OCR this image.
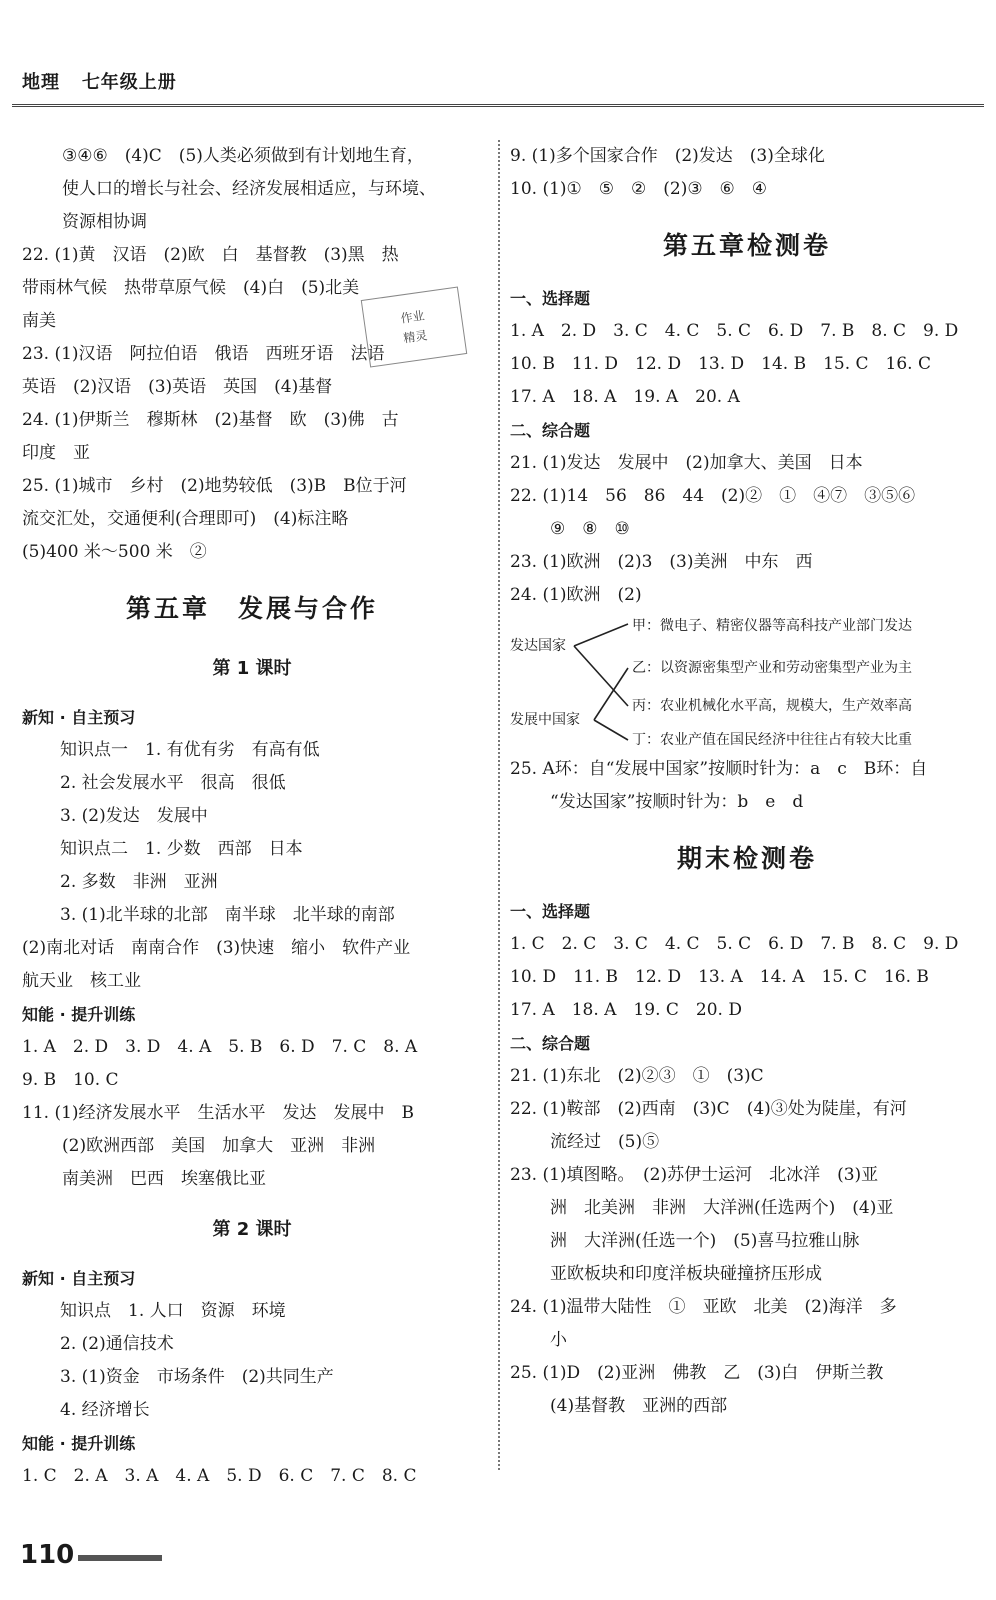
地理 七年级上册
作业
精灵
③④⑥　(4)C　(5)人类必须做到有计划地生育，
使人口的增长与社会、经济发展相适应，与环境、
资源相协调
22. (1)黄　汉语　(2)欧　白　基督教　(3)黑　热
带雨林气候　热带草原气候　(4)白　(5)北美
南美
23. (1)汉语　阿拉伯语　俄语　西班牙语　法语
英语　(2)汉语　(3)英语　英国　(4)基督
24. (1)伊斯兰　穆斯林　(2)基督　欧　(3)佛　古
印度　亚
25. (1)城市　乡村　(2)地势较低　(3)B　B位于河
流交汇处，交通便利(合理即可)　(4)标注略
(5)400 米～500 米　②
第五章　发展与合作
第 1 课时
新知 · 自主预习
知识点一　1. 有优有劣　有高有低
2. 社会发展水平　很高　很低
3. (2)发达　发展中
知识点二　1. 少数　西部　日本
2. 多数　非洲　亚洲
3. (1)北半球的北部　南半球　北半球的南部
(2)南北对话　南南合作　(3)快速　缩小　软件产业
航天业　核工业
知能 · 提升训练
1. A　2. D　3. D　4. A　5. B　6. D　7. C　8. A
9. B　10. C
11. (1)经济发展水平　生活水平　发达　发展中　B
(2)欧洲西部　美国　加拿大　亚洲　非洲
南美洲　巴西　埃塞俄比亚
第 2 课时
新知 · 自主预习
知识点　1. 人口　资源　环境
2. (2)通信技术
3. (1)资金　市场条件　(2)共同生产
4. 经济增长
知能 · 提升训练
1. C　2. A　3. A　4. A　5. D　6. C　7. C　8. C
9. (1)多个国家合作　(2)发达　(3)全球化
10. (1)①　⑤　②　(2)③　⑥　④
第五章检测卷
一、选择题
1. A　2. D　3. C　4. C　5. C　6. D　7. B　8. C　9. D
10. B　11. D　12. D　13. D　14. B　15. C　16. C
17. A　18. A　19. A　20. A
二、综合题
21. (1)发达　发展中　(2)加拿大、美国　日本
22. (1)14　56　86　44　(2)②　①　④⑦　③⑤⑥
⑨　⑧　⑩
23. (1)欧洲　(2)3　(3)美洲　中东　西
24. (1)欧洲　(2)
发达国家
发展中国家
甲：微电子、精密仪器等高科技产业部门发达
乙：以资源密集型产业和劳动密集型产业为主
丙：农业机械化水平高，规模大，生产效率高
丁：农业产值在国民经济中往往占有较大比重
25. A环：自“发展中国家”按顺时针为：a　c　B环：自
“发达国家”按顺时针为：b　e　d
期末检测卷
一、选择题
1. C　2. C　3. C　4. C　5. C　6. D　7. B　8. C　9. D
10. D　11. B　12. D　13. A　14. A　15. C　16. B
17. A　18. A　19. C　20. D
二、综合题
21. (1)东北　(2)②③　①　(3)C
22. (1)鞍部　(2)西南　(3)C　(4)③处为陡崖，有河
流经过　(5)⑤
23. (1)填图略。　(2)苏伊士运河　北冰洋　(3)亚
洲　北美洲　非洲　大洋洲(任选两个)　(4)亚
洲　大洋洲(任选一个)　(5)喜马拉雅山脉
亚欧板块和印度洋板块碰撞挤压形成
24. (1)温带大陆性　①　亚欧　北美　(2)海洋　多
小
25. (1)D　(2)亚洲　佛教　乙　(3)白　伊斯兰教
(4)基督教　亚洲的西部
110
